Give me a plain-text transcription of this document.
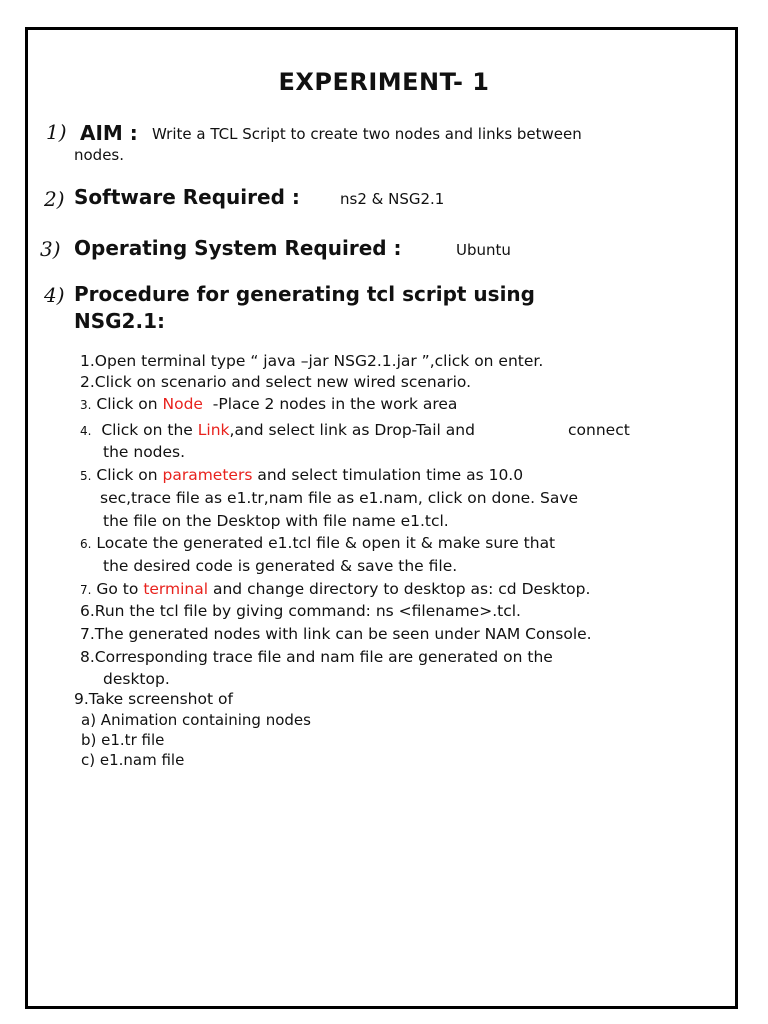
EXPERIMENT- 1
1) AIM : Write a TCL Script to create two nodes and links between
nodes.
2) Software Required :	ns2 & NSG2.1
3) Operating System Required :	Ubuntu
4) Procedure for generating tcl script using
NSG2.1:
1.Open terminal type “ java –jar NSG2.1.jar ”,click on enter.
2.Click on scenario and select new wired scenario.
3. Click on Node  -Place 2 nodes in the work area
4. Click on the Link,and select link as Drop-Tail and	connect
the nodes.
5. Click on parameters and select timulation time as 10.0
sec,trace file as e1.tr,nam file as e1.nam, click on done. Save
the file on the Desktop with file name e1.tcl.
6. Locate the generated e1.tcl file & open it & make sure that
the desired code is generated & save the file.
7. Go to terminal and change directory to desktop as: cd Desktop.
6.Run the tcl file by giving command: ns <filename>.tcl.
7.The generated nodes with link can be seen under NAM Console.
8.Corresponding trace file and nam file are generated on the
desktop.
9.Take screenshot of
a) Animation containing nodes
b) e1.tr file
c) e1.nam file
